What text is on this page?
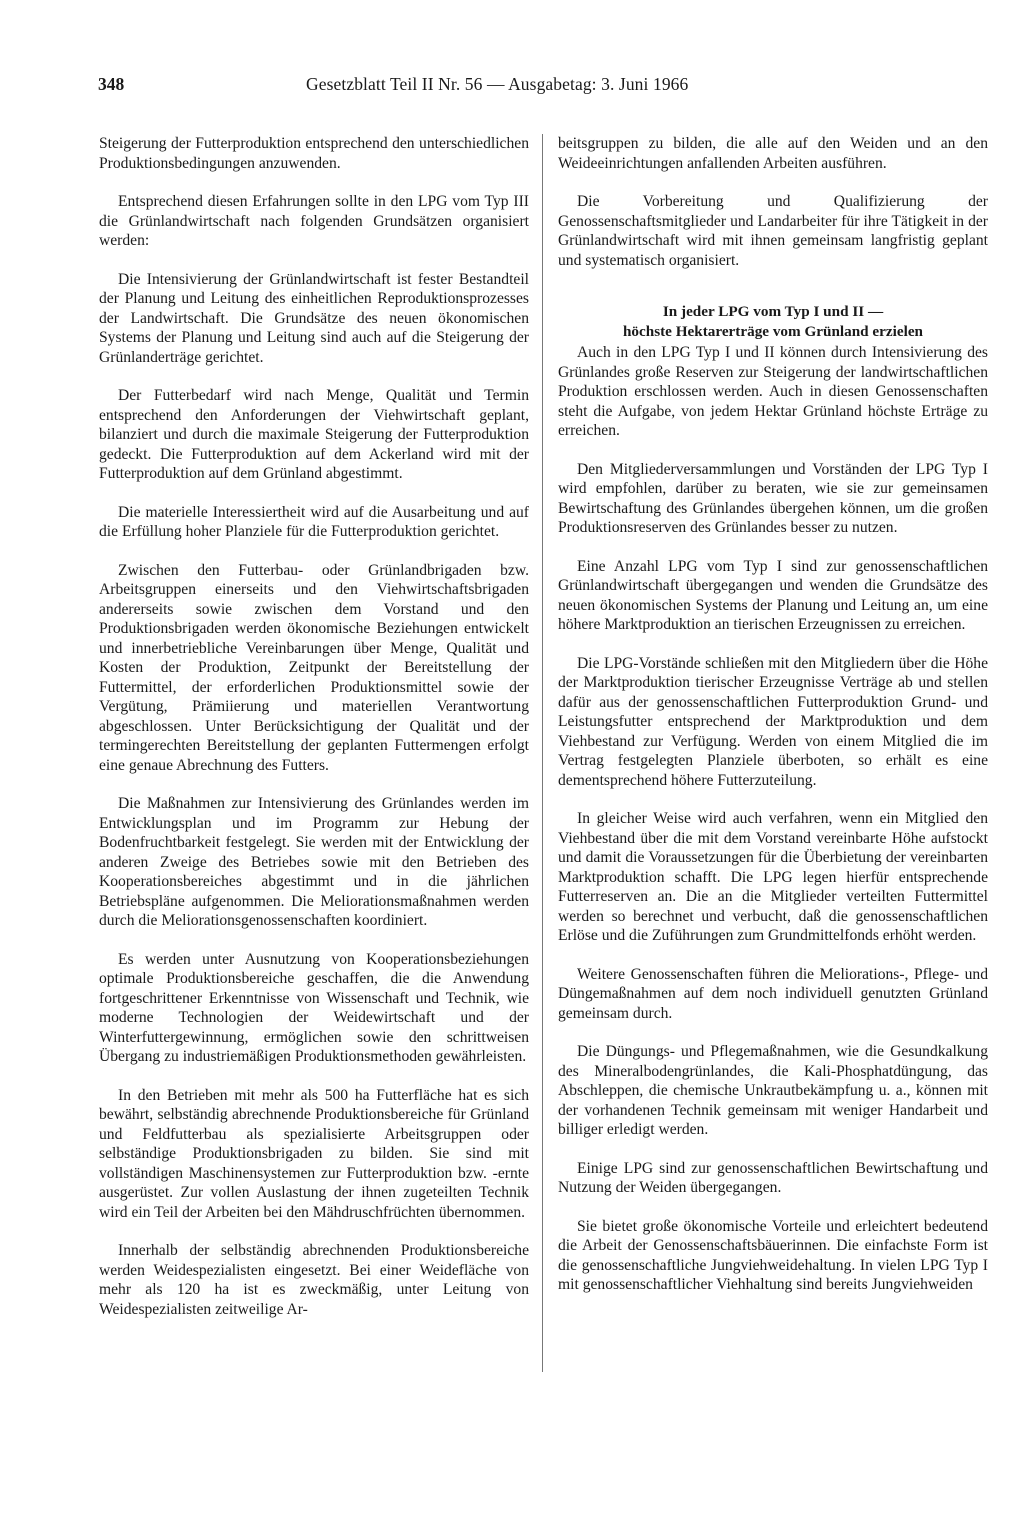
348	Gesetzblatt Teil II Nr. 56 — Ausgabetag: 3. Juni 1966

Steigerung der Futterproduktion entsprechend den unterschiedlichen Produktionsbedingungen anzuwenden.

Entsprechend diesen Erfahrungen sollte in den LPG vom Typ III die Grünlandwirtschaft nach folgenden Grundsätzen organisiert werden:

Die Intensivierung der Grünlandwirtschaft ist fester Bestandteil der Planung und Leitung des einheitlichen Reproduktionsprozesses der Landwirtschaft. Die Grundsätze des neuen ökonomischen Systems der Planung und Leitung sind auch auf die Steigerung der Grünlanderträge gerichtet.

Der Futterbedarf wird nach Menge, Qualität und Termin entsprechend den Anforderungen der Viehwirtschaft geplant, bilanziert und durch die maximale Steigerung der Futterproduktion gedeckt. Die Futterproduktion auf dem Ackerland wird mit der Futterproduktion auf dem Grünland abgestimmt.

Die materielle Interessiertheit wird auf die Ausarbeitung und auf die Erfüllung hoher Planziele für die Futterproduktion gerichtet.

Zwischen den Futterbau- oder Grünlandbrigaden bzw. Arbeitsgruppen einerseits und den Viehwirtschaftsbrigaden andererseits sowie zwischen dem Vorstand und den Produktionsbrigaden werden ökonomische Beziehungen entwickelt und innerbetriebliche Vereinbarungen über Menge, Qualität und Kosten der Produktion, Zeitpunkt der Bereitstellung der Futtermittel, der erforderlichen Produktionsmittel sowie der Vergütung, Prämiierung und materiellen Verantwortung abgeschlossen. Unter Berücksichtigung der Qualität und der termingerechten Bereitstellung der geplanten Futtermengen erfolgt eine genaue Abrechnung des Futters.

Die Maßnahmen zur Intensivierung des Grünlandes werden im Entwicklungsplan und im Programm zur Hebung der Bodenfruchtbarkeit festgelegt. Sie werden mit der Entwicklung der anderen Zweige des Betriebes sowie mit den Betrieben des Kooperationsbereiches abgestimmt und in die jährlichen Betriebspläne aufgenommen. Die Meliorationsmaßnahmen werden durch die Meliorationsgenossenschaften koordiniert.

Es werden unter Ausnutzung von Kooperationsbeziehungen optimale Produktionsbereiche geschaffen, die die Anwendung fortgeschrittener Erkenntnisse von Wissenschaft und Technik, wie moderne Technologien der Weidewirtschaft und der Winterfuttergewinnung, ermöglichen sowie den schrittweisen Übergang zu industriemäßigen Produktionsmethoden gewährleisten.

In den Betrieben mit mehr als 500 ha Futterfläche hat es sich bewährt, selbständig abrechnende Produktionsbereiche für Grünland und Feldfutterbau als spezialisierte Arbeitsgruppen oder selbständige Produktionsbrigaden zu bilden. Sie sind mit vollständigen Maschinensystemen zur Futterproduktion bzw. -ernte ausgerüstet. Zur vollen Auslastung der ihnen zugeteilten Technik wird ein Teil der Arbeiten bei den Mähdruschfrüchten übernommen.

Innerhalb der selbständig abrechnenden Produktionsbereiche werden Weidespezialisten eingesetzt. Bei einer Weidefläche von mehr als 120 ha ist es zweckmäßig, unter Leitung von Weidespezialisten zeitweilige Ar-

beitsgruppen zu bilden, die alle auf den Weiden und an den Weideeinrichtungen anfallenden Arbeiten ausführen.

Die Vorbereitung und Qualifizierung der Genossenschaftsmitglieder und Landarbeiter für ihre Tätigkeit in der Grünlandwirtschaft wird mit ihnen gemeinsam langfristig geplant und systematisch organisiert.

In jeder LPG vom Typ I und II —
höchste Hektarerträge vom Grünland erzielen

Auch in den LPG Typ I und II können durch Intensivierung des Grünlandes große Reserven zur Steigerung der landwirtschaftlichen Produktion erschlossen werden. Auch in diesen Genossenschaften steht die Aufgabe, von jedem Hektar Grünland höchste Erträge zu erreichen.

Den Mitgliederversammlungen und Vorständen der LPG Typ I wird empfohlen, darüber zu beraten, wie sie zur gemeinsamen Bewirtschaftung des Grünlandes übergehen können, um die großen Produktionsreserven des Grünlandes besser zu nutzen.

Eine Anzahl LPG vom Typ I sind zur genossenschaftlichen Grünlandwirtschaft übergegangen und wenden die Grundsätze des neuen ökonomischen Systems der Planung und Leitung an, um eine höhere Marktproduktion an tierischen Erzeugnissen zu erreichen.

Die LPG-Vorstände schließen mit den Mitgliedern über die Höhe der Marktproduktion tierischer Erzeugnisse Verträge ab und stellen dafür aus der genossenschaftlichen Futterproduktion Grund- und Leistungsfutter entsprechend der Marktproduktion und dem Viehbestand zur Verfügung. Werden von einem Mitglied die im Vertrag festgelegten Planziele überboten, so erhält es eine dementsprechend höhere Futterzuteilung.

In gleicher Weise wird auch verfahren, wenn ein Mitglied den Viehbestand über die mit dem Vorstand vereinbarte Höhe aufstockt und damit die Voraussetzungen für die Überbietung der vereinbarten Marktproduktion schafft. Die LPG legen hierfür entsprechende Futterreserven an. Die an die Mitglieder verteilten Futtermittel werden so berechnet und verbucht, daß die genossenschaftlichen Erlöse und die Zuführungen zum Grundmittelfonds erhöht werden.

Weitere Genossenschaften führen die Meliorations-, Pflege- und Düngemaßnahmen auf dem noch individuell genutzten Grünland gemeinsam durch.

Die Düngungs- und Pflegemaßnahmen, wie die Gesundkalkung des Mineralbodengrünlandes, die Kali-Phosphatdüngung, das Abschleppen, die chemische Unkrautbekämpfung u. a., können mit der vorhandenen Technik gemeinsam mit weniger Handarbeit und billiger erledigt werden.

Einige LPG sind zur genossenschaftlichen Bewirtschaftung und Nutzung der Weiden übergegangen.

Sie bietet große ökonomische Vorteile und erleichtert bedeutend die Arbeit der Genossenschaftsbäuerinnen. Die einfachste Form ist die genossenschaftliche Jungviehweidehaltung. In vielen LPG Typ I mit genossenschaftlicher Viehhaltung sind bereits Jungviehweiden
